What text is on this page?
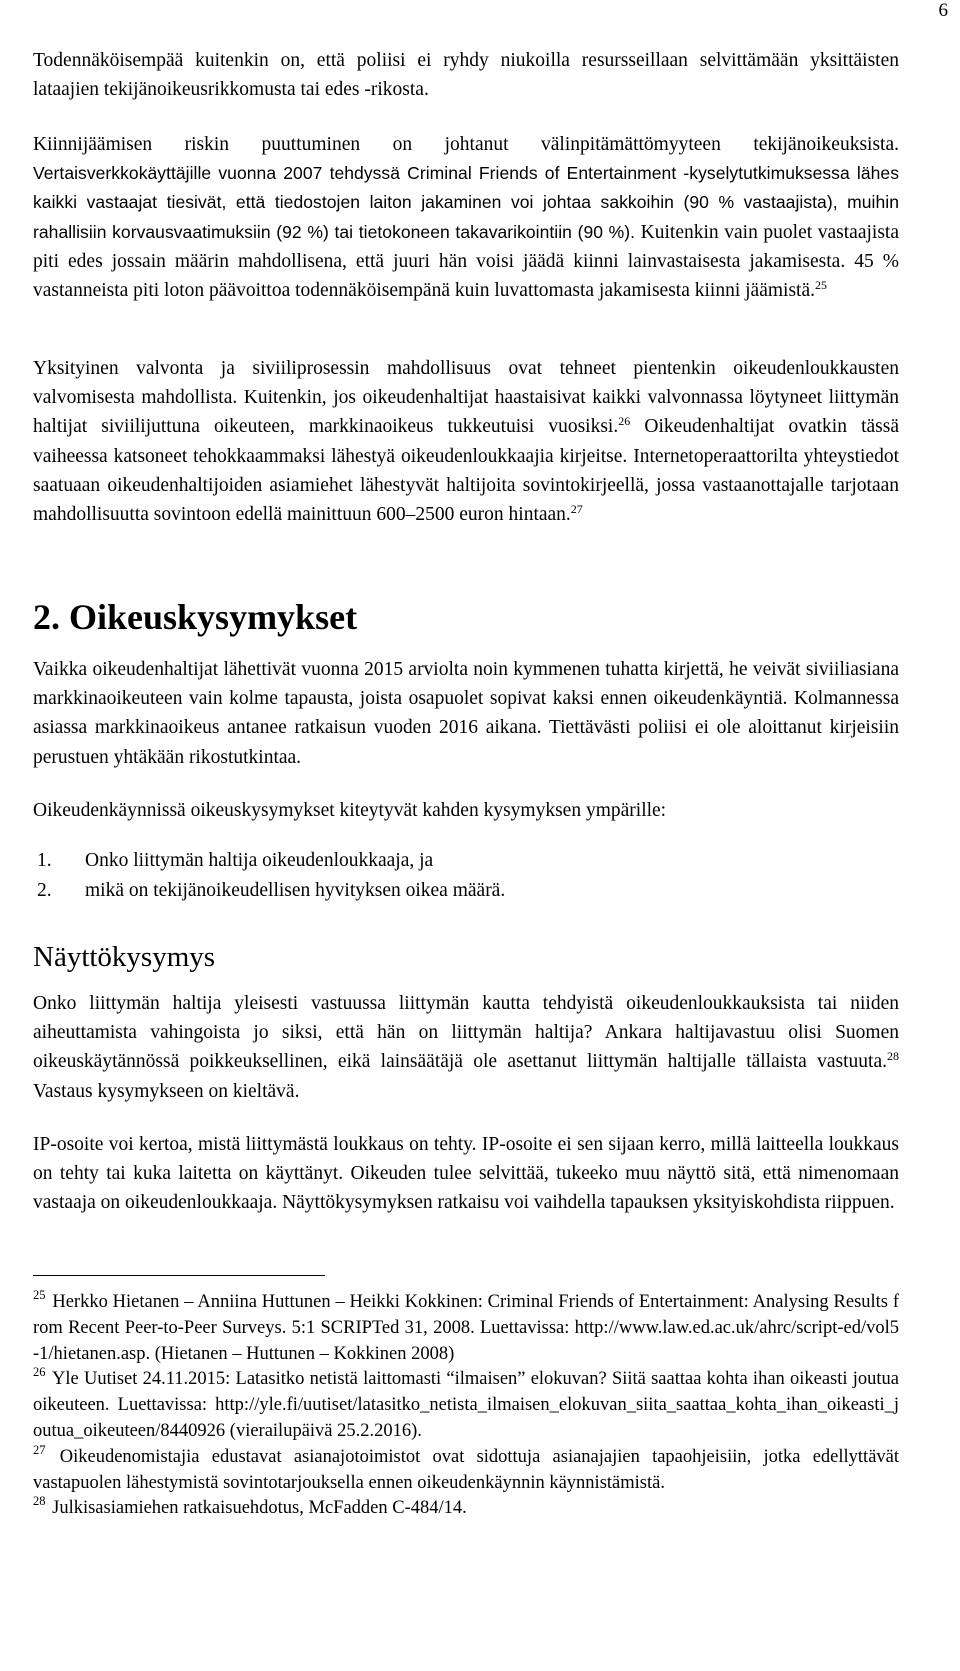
6

Todennäköisempää kuitenkin on, että poliisi ei ryhdy niukoilla resursseillaan selvittämään yksittäisten lataajien tekijänoikeusrikkomusta tai edes -rikosta.

Kiinnijäämisen riskin puuttuminen on johtanut välinpitämättömyyteen tekijänoikeuksista. Vertaisverkkokäyttäjille vuonna 2007 tehdyssä Criminal Friends of Entertainment -kyselytutkimuksessa lähes kaikki vastaajat tiesivät, että tiedostojen laiton jakaminen voi johtaa sakkoihin (90 % vastaajista), muihin rahallisiin korvausvaatimuksiin (92 %) tai tietokoneen takavarikointiin (90 %). Kuitenkin vain puolet vastaajista piti edes jossain määrin mahdollisena, että juuri hän voisi jäädä kiinni lainvastaisesta jakamisesta. 45 % vastanneista piti loton päävoittoa todennäköisempänä kuin luvattomasta jakamisesta kiinni jäämistä.$^{25}$

Yksityinen valvonta ja siviiliprosessin mahdollisuus ovat tehneet pientenkin oikeudenloukkausten valvomisesta mahdollista. Kuitenkin, jos oikeudenhaltijat haastaisivat kaikki valvonnassa löytyneet liittymän haltijat siviilijuttuna oikeuteen, markkinaoikeus tukkeutuisi vuosiksi.$^{26}$ Oikeudenhaltijat ovatkin tässä vaiheessa katsoneet tehokkaammaksi lähestyä oikeudenloukkaajia kirjeitse. Internetoperaattorilta yhteystiedot saatuaan oikeudenhaltijoiden asiamiehet lähestyvät haltijoita sovintokirjeellä, jossa vastaanottajalle tarjotaan mahdollisuutta sovintoon edellä mainittuun 600–2500 euron hintaan.$^{27}$

2. Oikeuskysymykset

Vaikka oikeudenhaltijat lähettivät vuonna 2015 arviolta noin kymmenen tuhatta kirjettä, he veivät siviiliasiana markkinaoikeuteen vain kolme tapausta, joista osapuolet sopivat kaksi ennen oikeudenkäyntiä. Kolmannessa asiassa markkinaoikeus antanee ratkaisun vuoden 2016 aikana. Tiettävästi poliisi ei ole aloittanut kirjeisiin perustuen yhtäkään rikostutkintaa.

Oikeudenkäynnissä oikeuskysymykset kiteytyvät kahden kysymyksen ympärille:

1.	Onko liittymän haltija oikeudenloukkaaja, ja
2.	mikä on tekijänoikeudellisen hyvityksen oikea määrä.
Näyttökysymys

Onko liittymän haltija yleisesti vastuussa liittymän kautta tehdyistä oikeudenloukkauksista tai niiden aiheuttamista vahingoista jo siksi, että hän on liittymän haltija? Ankara haltijavastuu olisi Suomen oikeuskäytännössä poikkeuksellinen, eikä lainsäätäjä ole asettanut liittymän haltijalle tällaista vastuuta.$^{28}$ Vastaus kysymykseen on kieltävä.

IP-osoite voi kertoa, mistä liittymästä loukkaus on tehty. IP-osoite ei sen sijaan kerro, millä laitteella loukkaus on tehty tai kuka laitetta on käyttänyt. Oikeuden tulee selvittää, tukeeko muu näyttö sitä, että nimenomaan vastaaja on oikeudenloukkaaja. Näyttökysymyksen ratkaisu voi vaihdella tapauksen yksityiskohdista riippuen.

$^{25}$ Herkko Hietanen – Anniina Huttunen – Heikki Kokkinen: Criminal Friends of Entertainment: Analysing Results from Recent Peer-to-Peer Surveys. 5:1 SCRIPTed 31, 2008. Luettavissa: http://www.law.ed.ac.uk/ahrc/script-ed/vol5-1/hietanen.asp. (Hietanen – Huttunen – Kokkinen 2008)

$^{26}$ Yle Uutiset 24.11.2015: Latasitko netistä laittomasti “ilmaisen” elokuvan? Siitä saattaa kohta ihan oikeasti joutua oikeuteen. Luettavissa: http://yle.fi/uutiset/latasitko_netista_ilmaisen_elokuvan_siita_saattaa_kohta_ihan_oikeasti_joutua_oikeuteen/8440926 (vierailupäivä 25.2.2016).

$^{27}$ Oikeudenomistajia edustavat asianajotoimistot ovat sidottuja asianajajien tapaohjeisiin, jotka edellyttävät vastapuolen lähestymistä sovintotarjouksella ennen oikeudenkäynnin käynnistämistä.

$^{28}$ Julkisasiamiehen ratkaisuehdotus, McFadden C-484/14.
